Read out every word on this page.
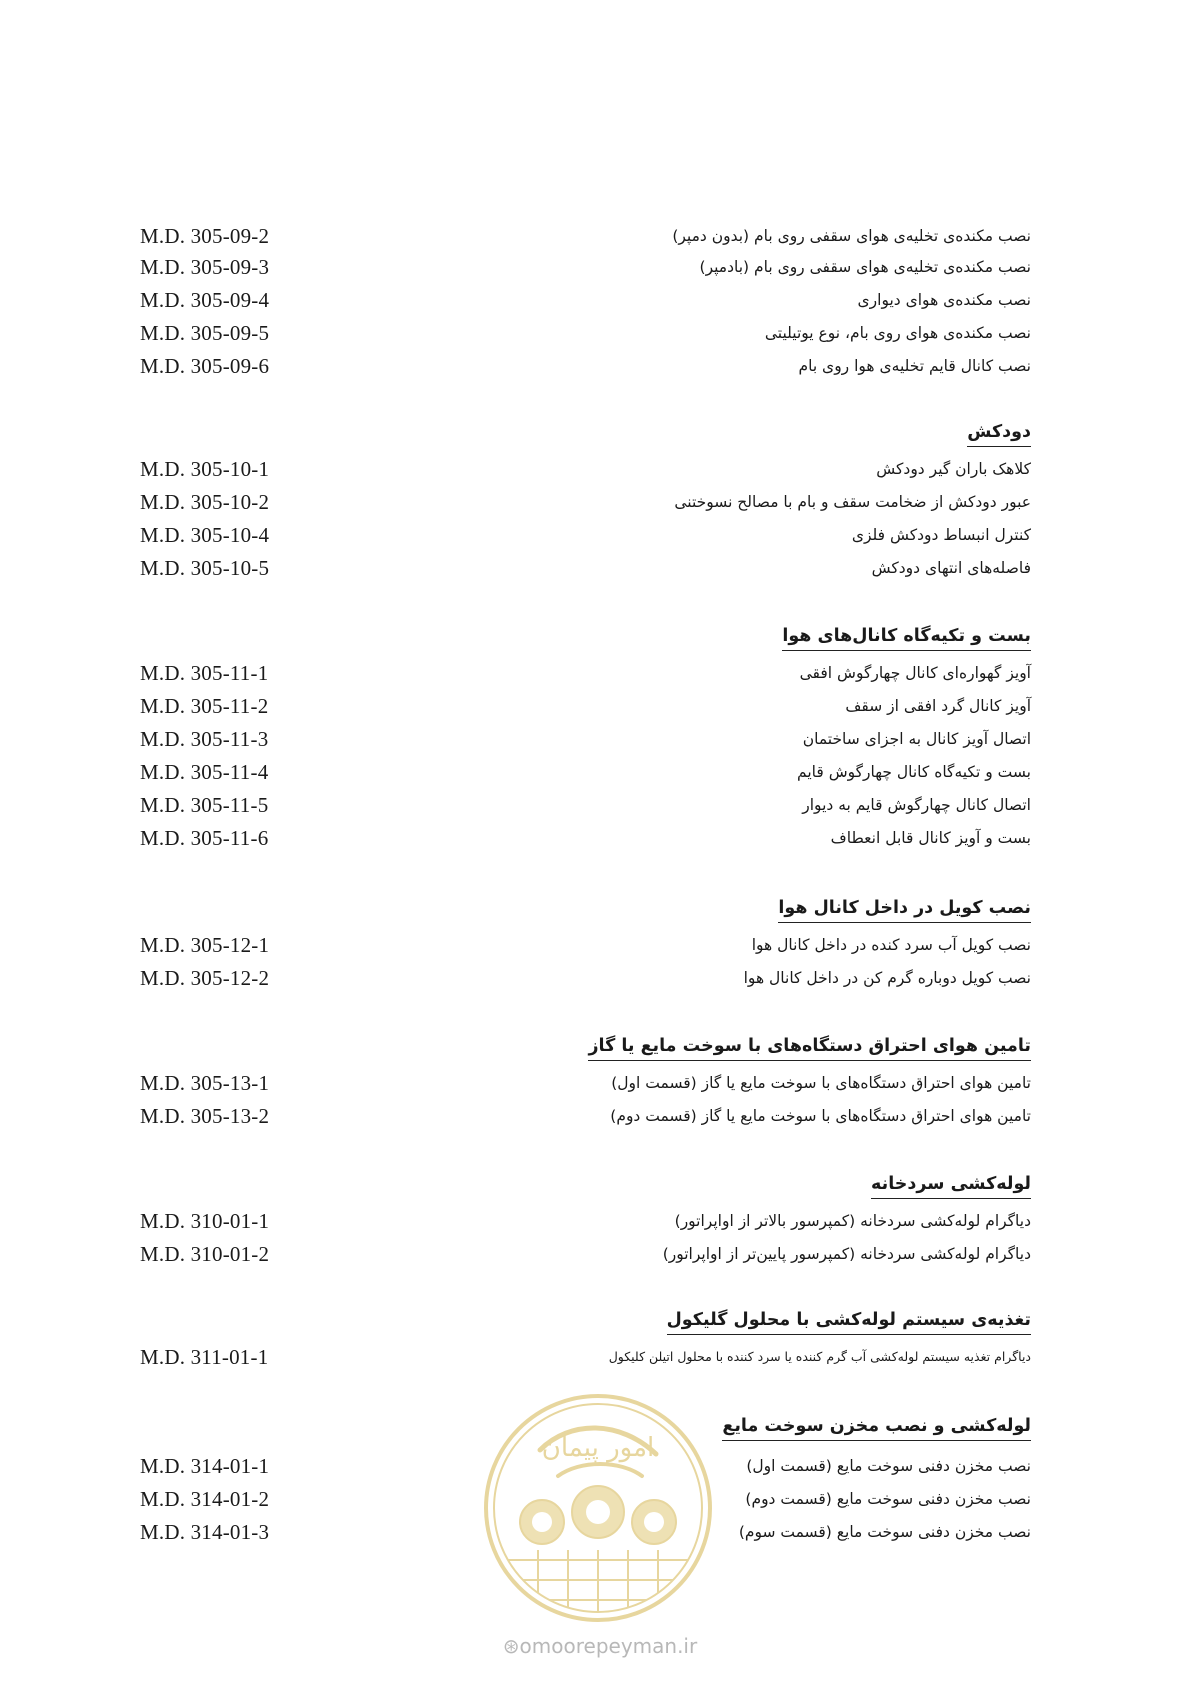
نصب مکنده‌ی تخلیه‌ی هوای سقفی روی بام (بدون دمپر)
M.D. 305-09-2
نصب مکنده‌ی تخلیه‌ی هوای سقفی روی بام (بادمپر)
M.D. 305-09-3
نصب مکنده‌ی هوای دیواری
M.D. 305-09-4
نصب مکنده‌ی هوای روی بام، نوع یوتیلیتی
M.D. 305-09-5
نصب کانال قایم تخلیه‌ی هوا روی بام
M.D. 305-09-6
دودکش
کلاهک باران گیر دودکش
M.D. 305-10-1
عبور دودکش از ضخامت سقف و بام با مصالح نسوختنی
M.D. 305-10-2
کنترل انبساط دودکش فلزی
M.D. 305-10-4
فاصله‌های انتهای دودکش
M.D. 305-10-5
بست و تکیه‌گاه کانال‌های هوا
آویز گهواره‌ای کانال چهارگوش افقی
M.D. 305-11-1
آویز کانال گرد افقی از سقف
M.D. 305-11-2
اتصال آویز کانال به اجزای ساختمان
M.D. 305-11-3
بست و تکیه‌گاه کانال چهارگوش قایم
M.D. 305-11-4
اتصال کانال چهارگوش قایم به دیوار
M.D. 305-11-5
بست و آویز کانال قابل انعطاف
M.D. 305-11-6
نصب کویل در داخل کانال هوا
نصب کویل آب سرد کنده در داخل کانال هوا
M.D. 305-12-1
نصب کویل دوباره گرم کن در داخل کانال هوا
M.D. 305-12-2
تامین هوای احتراق دستگاه‌های با سوخت مایع یا گاز
تامین هوای احتراق دستگاه‌های با سوخت مایع یا گاز (قسمت اول)
M.D. 305-13-1
تامین هوای احتراق دستگاه‌های با سوخت مایع یا گاز (قسمت دوم)
M.D. 305-13-2
لوله‌کشی سردخانه
دیاگرام لوله‌کشی سردخانه (کمپرسور بالاتر از اواپراتور)
M.D. 310-01-1
دیاگرام لوله‌کشی سردخانه (کمپرسور پایین‌تر از اواپراتور)
M.D. 310-01-2
تغذیه‌ی سیستم لوله‌کشی با محلول گلیکول
دیاگرام تغذیه سیستم لوله‌کشی آب گرم کننده یا سرد کننده با محلول اتیلن کلیکول
M.D. 311-01-1
لوله‌کشی و نصب مخزن سوخت مایع
نصب مخزن دفنی سوخت مایع (قسمت اول)
M.D. 314-01-1
نصب مخزن دفنی سوخت مایع (قسمت دوم)
M.D. 314-01-2
نصب مخزن دفنی سوخت مایع (قسمت سوم)
M.D. 314-01-3
امور پیمان
⊛omoorepeyman.ir
